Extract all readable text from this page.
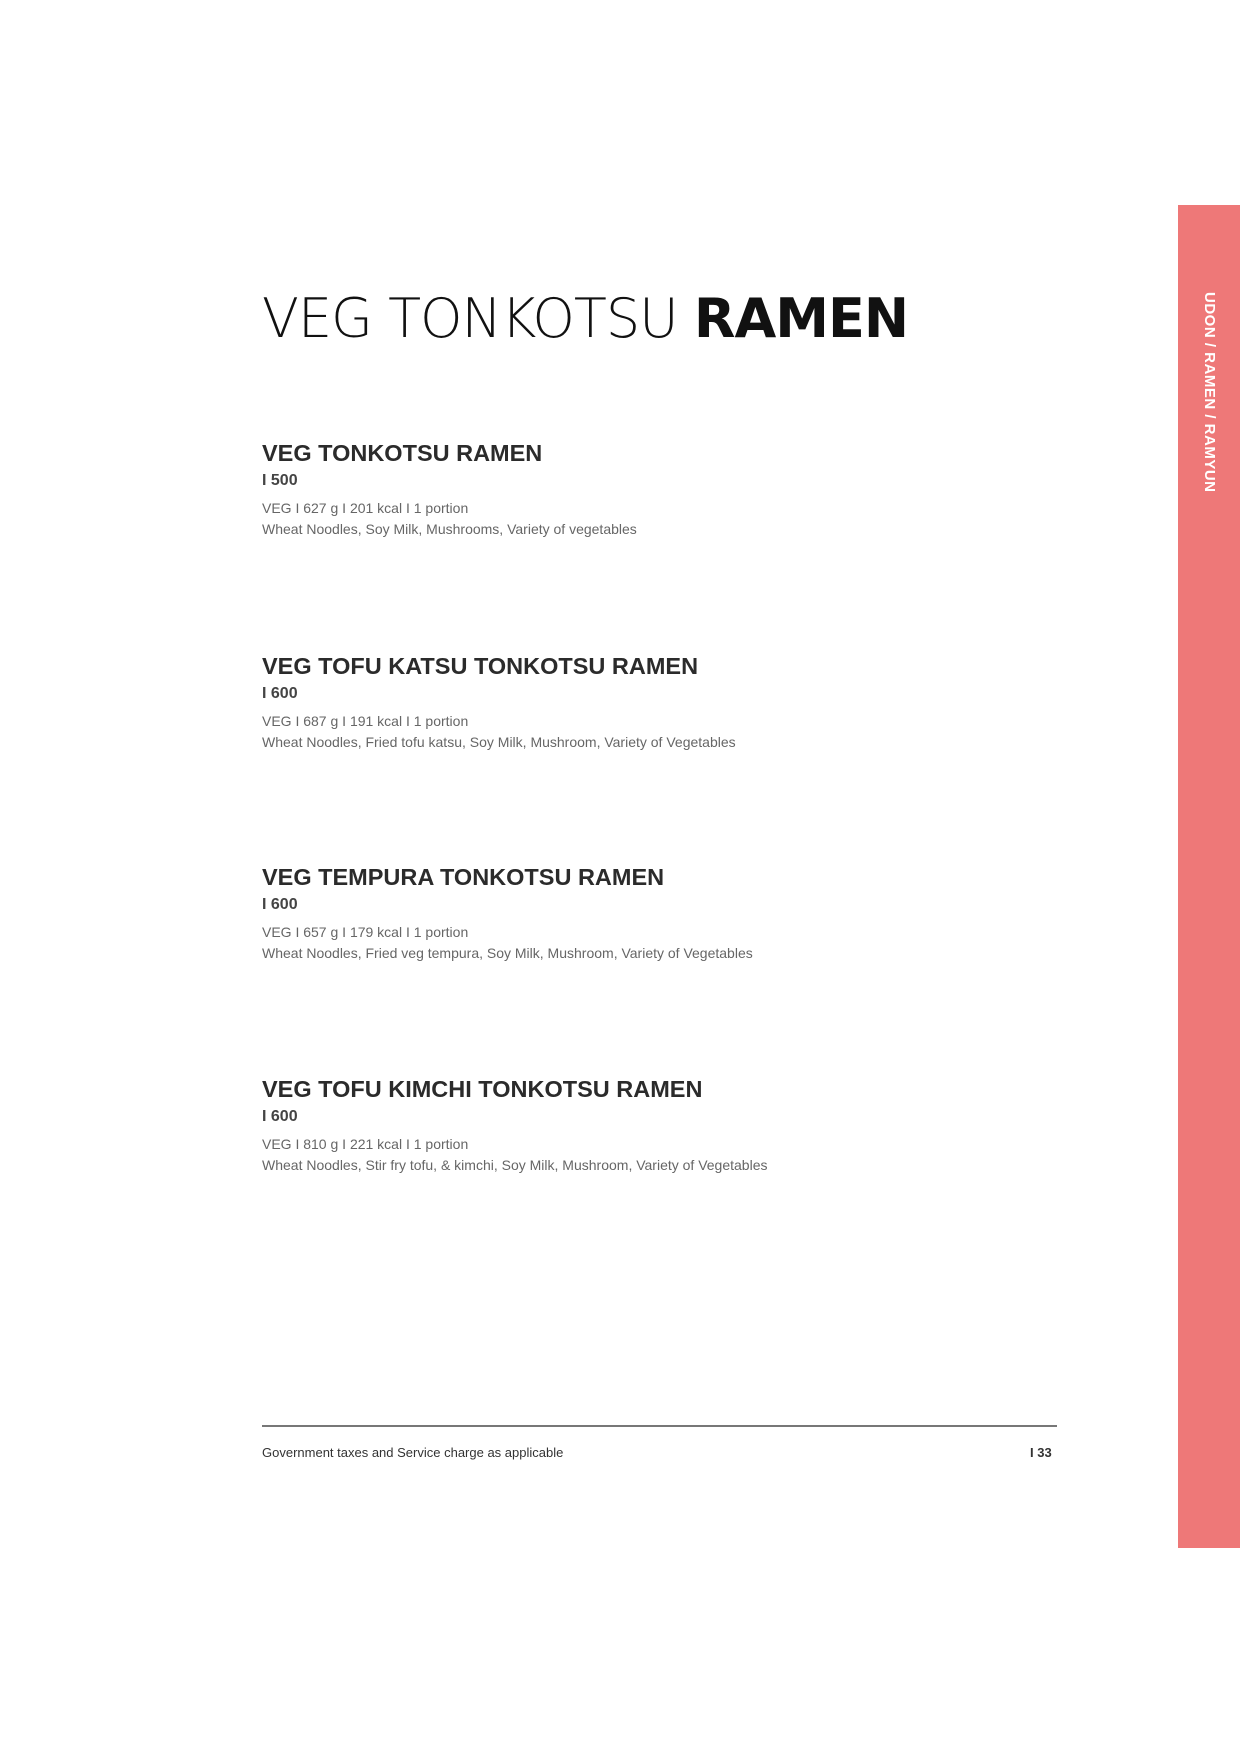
VEG TONKOTSU RAMEN
VEG TONKOTSU RAMEN
I 500
VEG I 627 g I 201 kcal I 1 portion
Wheat Noodles, Soy Milk, Mushrooms, Variety of vegetables
VEG TOFU KATSU TONKOTSU RAMEN
I 600
VEG I 687 g I 191 kcal I 1 portion
Wheat Noodles, Fried tofu katsu, Soy Milk, Mushroom, Variety of Vegetables
VEG TEMPURA TONKOTSU RAMEN
I 600
VEG I 657 g I 179 kcal I 1 portion
Wheat Noodles, Fried veg tempura, Soy Milk, Mushroom, Variety of Vegetables
VEG TOFU KIMCHI TONKOTSU RAMEN
I 600
VEG I 810 g I 221 kcal I 1 portion
Wheat Noodles, Stir fry tofu, & kimchi, Soy Milk, Mushroom, Variety of Vegetables
Government taxes and Service charge as applicable	I 33
UDON / RAMEN / RAMYUN
